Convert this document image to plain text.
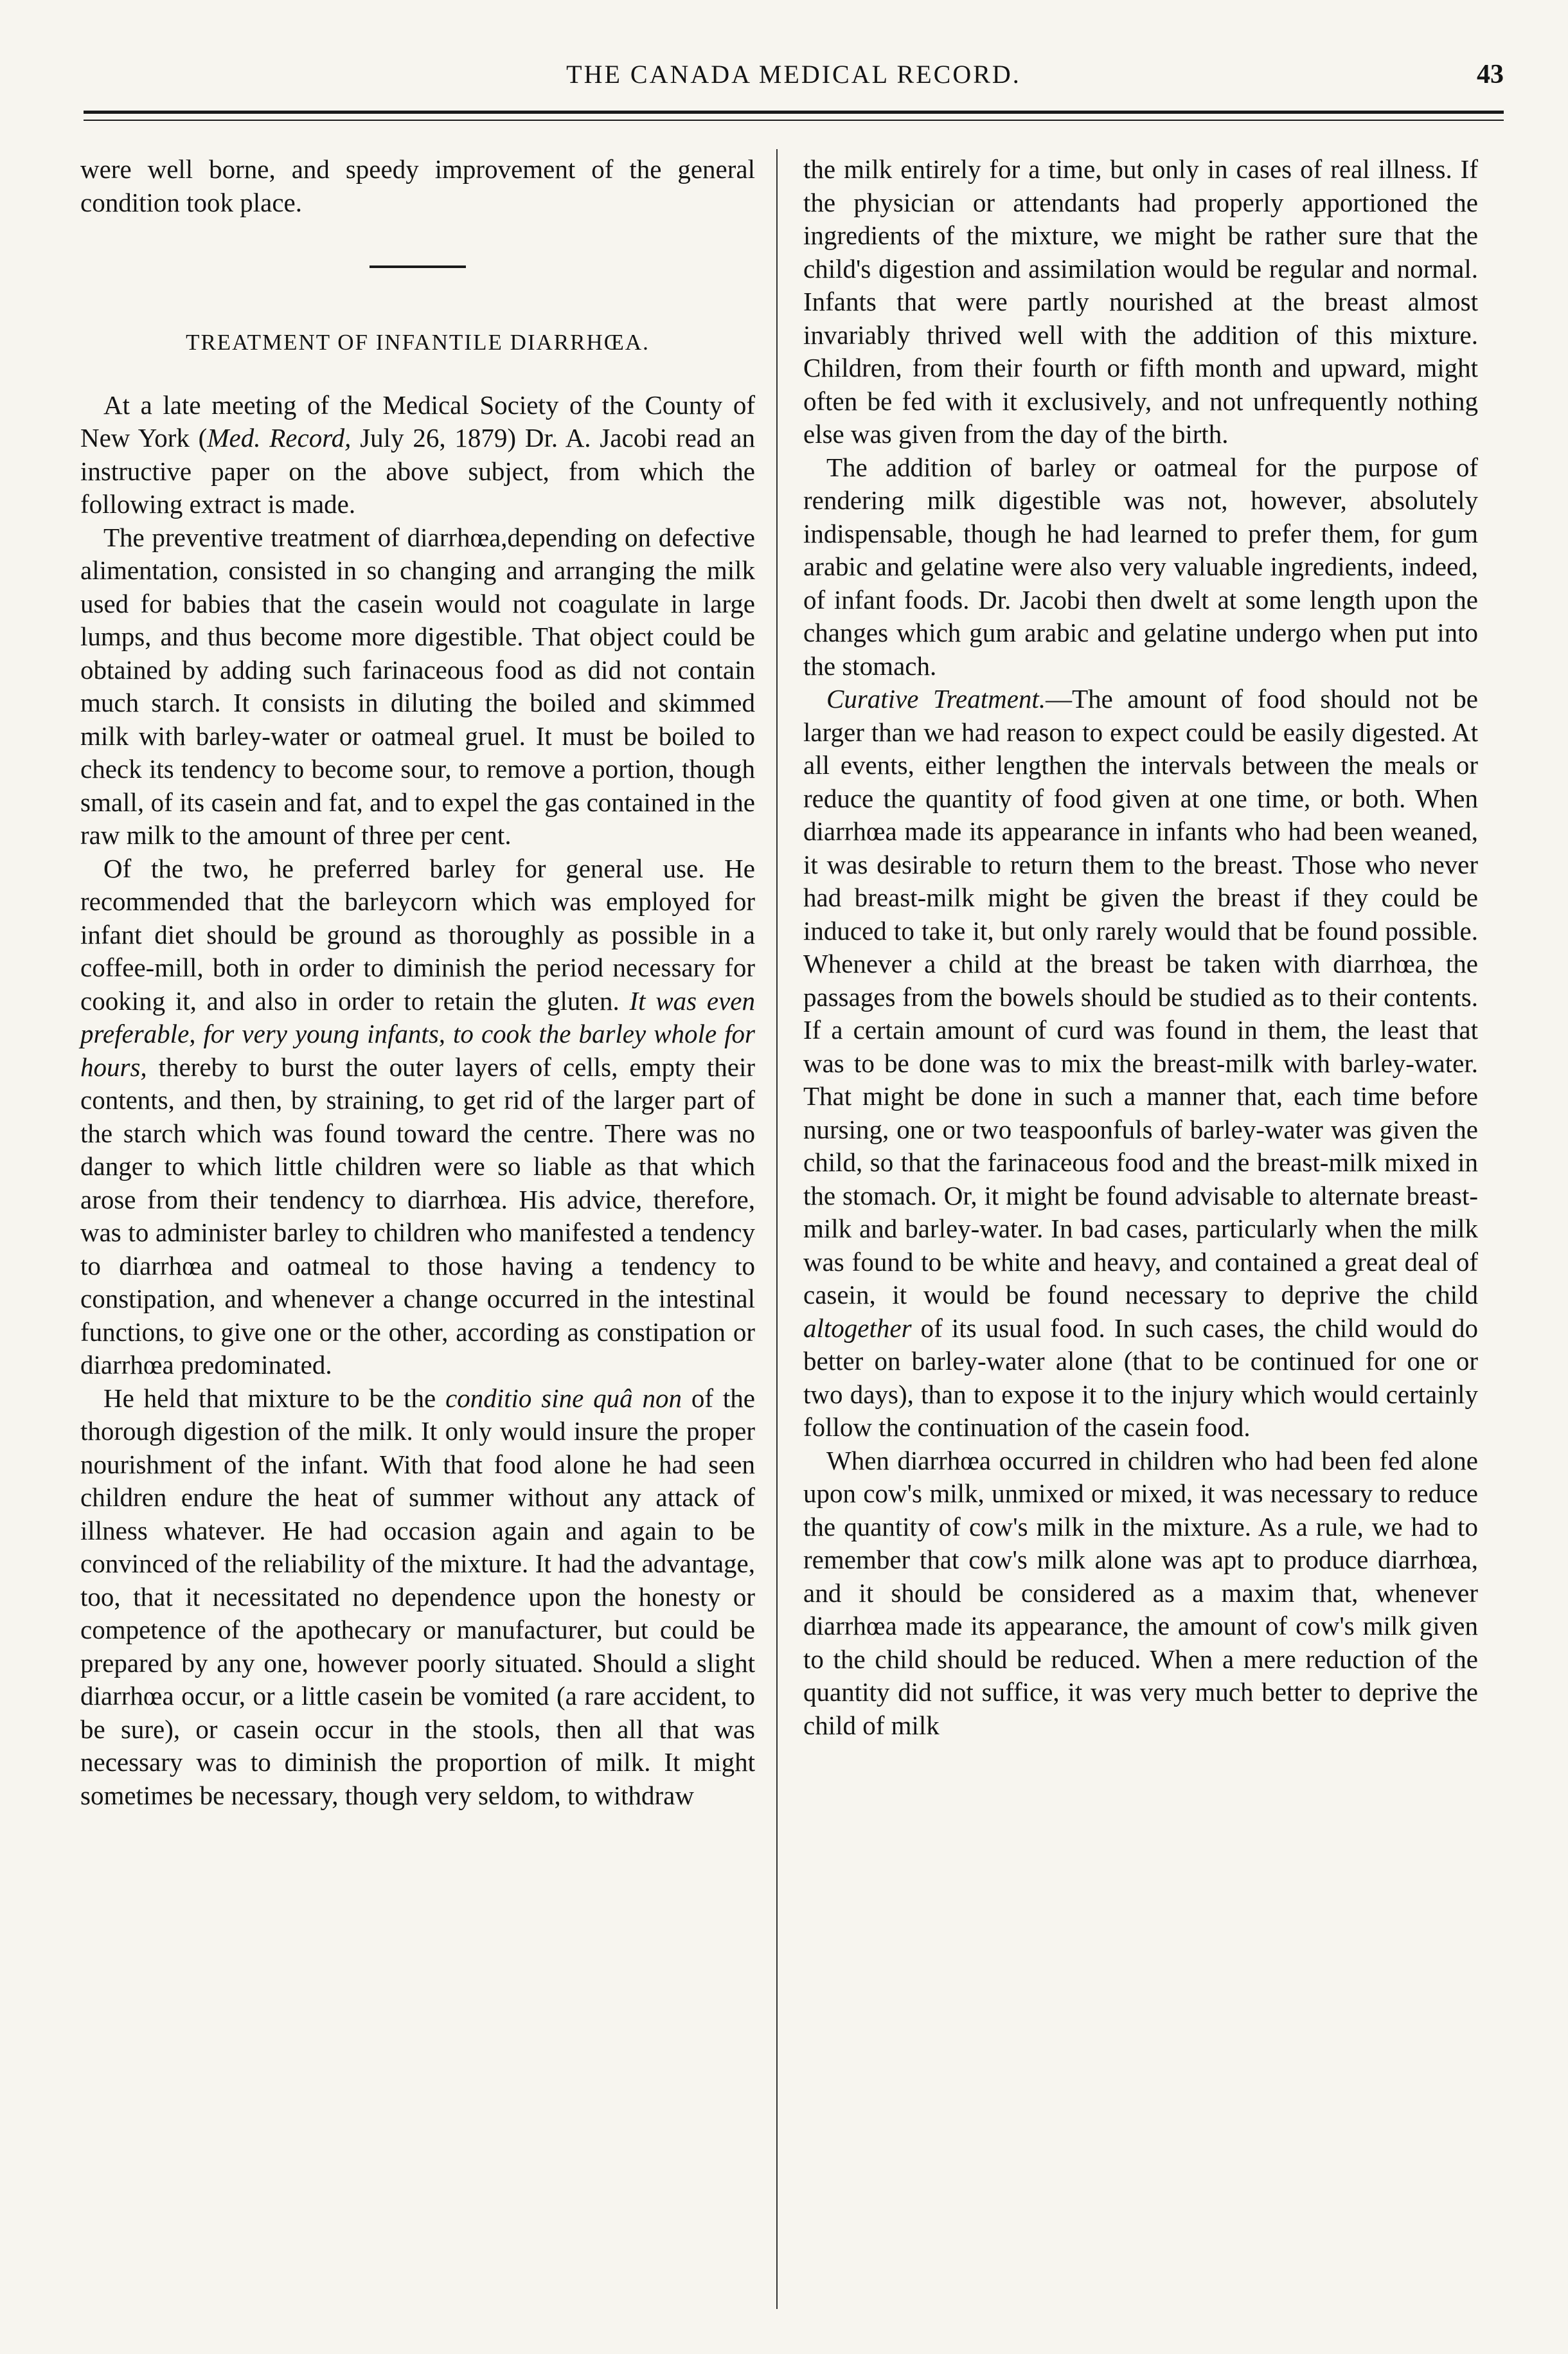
THE CANADA MEDICAL RECORD.	43

were well borne, and speedy improvement of the general condition took place.

TREATMENT OF INFANTILE DIARRHŒA.

At a late meeting of the Medical Society of the County of New York (Med. Record, July 26, 1879) Dr. A. Jacobi read an instructive paper on the above subject, from which the following extract is made.

The preventive treatment of diarrhœa,depending on defective alimentation, consisted in so changing and arranging the milk used for babies that the casein would not coagulate in large lumps, and thus become more digestible. That object could be obtained by adding such farinaceous food as did not contain much starch. It consists in diluting the boiled and skimmed milk with barley-water or oatmeal gruel. It must be boiled to check its tendency to become sour, to remove a portion, though small, of its casein and fat, and to expel the gas contained in the raw milk to the amount of three per cent.

Of the two, he preferred barley for general use. He recommended that the barleycorn which was employed for infant diet should be ground as thoroughly as possible in a coffee-mill, both in order to diminish the period necessary for cooking it, and also in order to retain the gluten. It was even preferable, for very young infants, to cook the barley whole for hours, thereby to burst the outer layers of cells, empty their contents, and then, by straining, to get rid of the larger part of the starch which was found toward the centre. There was no danger to which little children were so liable as that which arose from their tendency to diarrhœa. His advice, therefore, was to administer barley to children who manifested a tendency to diarrhœa and oatmeal to those having a tendency to constipation, and whenever a change occurred in the intestinal functions, to give one or the other, according as constipation or diarrhœa predominated.

He held that mixture to be the conditio sine quâ non of the thorough digestion of the milk. It only would insure the proper nourishment of the infant. With that food alone he had seen children endure the heat of summer without any attack of illness whatever. He had occasion again and again to be convinced of the reliability of the mixture. It had the advantage, too, that it necessitated no dependence upon the honesty or competence of the apothecary or manufacturer, but could be prepared by any one, however poorly situated. Should a slight diarrhœa occur, or a little casein be vomited (a rare accident, to be sure), or casein occur in the stools, then all that was necessary was to diminish the proportion of milk. It might sometimes be necessary, though very seldom, to withdraw

the milk entirely for a time, but only in cases of real illness. If the physician or attendants had properly apportioned the ingredients of the mixture, we might be rather sure that the child's digestion and assimilation would be regular and normal. Infants that were partly nourished at the breast almost invariably thrived well with the addition of this mixture. Children, from their fourth or fifth month and upward, might often be fed with it exclusively, and not unfrequently nothing else was given from the day of the birth.

The addition of barley or oatmeal for the purpose of rendering milk digestible was not, however, absolutely indispensable, though he had learned to prefer them, for gum arabic and gelatine were also very valuable ingredients, indeed, of infant foods. Dr. Jacobi then dwelt at some length upon the changes which gum arabic and gelatine undergo when put into the stomach.

Curative Treatment.—The amount of food should not be larger than we had reason to expect could be easily digested. At all events, either lengthen the intervals between the meals or reduce the quantity of food given at one time, or both. When diarrhœa made its appearance in infants who had been weaned, it was desirable to return them to the breast. Those who never had breast-milk might be given the breast if they could be induced to take it, but only rarely would that be found possible. Whenever a child at the breast be taken with diarrhœa, the passages from the bowels should be studied as to their contents. If a certain amount of curd was found in them, the least that was to be done was to mix the breast-milk with barley-water. That might be done in such a manner that, each time before nursing, one or two teaspoonfuls of barley-water was given the child, so that the farinaceous food and the breast-milk mixed in the stomach. Or, it might be found advisable to alternate breast-milk and barley-water. In bad cases, particularly when the milk was found to be white and heavy, and contained a great deal of casein, it would be found necessary to deprive the child altogether of its usual food. In such cases, the child would do better on barley-water alone (that to be continued for one or two days), than to expose it to the injury which would certainly follow the continuation of the casein food.

When diarrhœa occurred in children who had been fed alone upon cow's milk, unmixed or mixed, it was necessary to reduce the quantity of cow's milk in the mixture. As a rule, we had to remember that cow's milk alone was apt to produce diarrhœa, and it should be considered as a maxim that, whenever diarrhœa made its appearance, the amount of cow's milk given to the child should be reduced. When a mere reduction of the quantity did not suffice, it was very much better to deprive the child of milk
